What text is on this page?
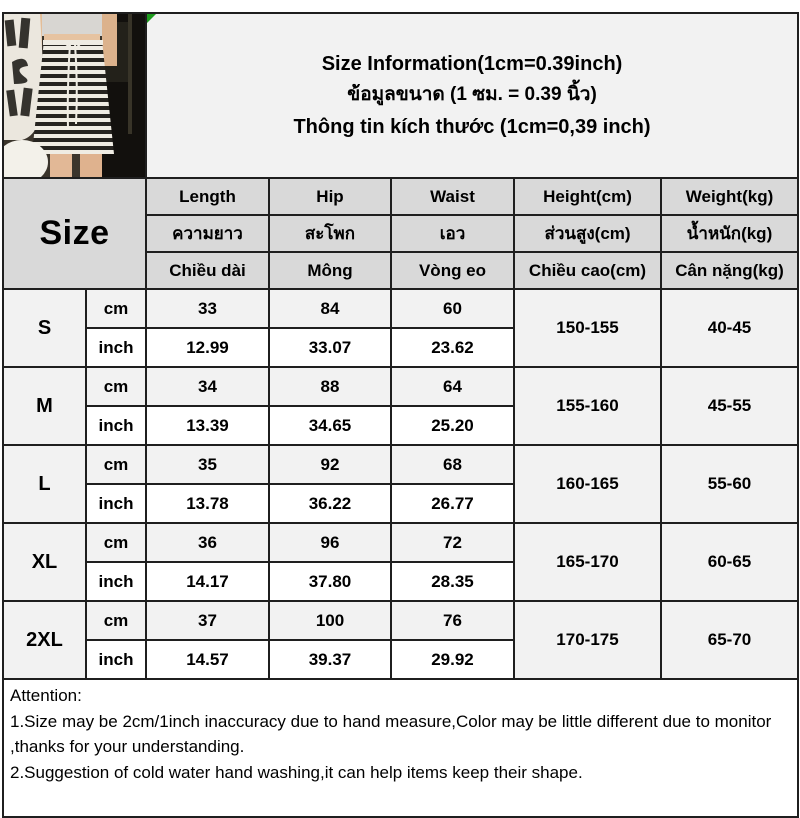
Size Information(1cm=0.39inch)
ข้อมูลขนาด (1 ซม. = 0.39 นิ้ว)
Thông tin kích thước (1cm=0,39 inch)				

Size		Length	Hip	Waist	Height(cm)	Weight(kg)
		ความยาว	สะโพก	เอว	ส่วนสูง(cm)	น้ำหนัก(kg)
		Chiều dài	Mông	Vòng eo	Chiều cao(cm)	Cân nặng(kg)
S	cm	33	84	60	150-155	40-45
	inch	12.99	33.07	23.62		
M	cm	34	88	64	155-160	45-55
	inch	13.39	34.65	25.20		
L	cm	35	92	68	160-165	55-60
	inch	13.78	36.22	26.77		
XL	cm	36	96	72	165-170	60-65
	inch	14.17	37.80	28.35		
2XL	cm	37	100	76	170-175	65-70
	inch	14.57	39.37	29.92		

Attention:
1.Size may be 2cm/1inch inaccuracy due to hand measure,Color may be little different due to monitor ,thanks for your understanding.
2.Suggestion of cold water hand washing,it can help items keep their shape.						
